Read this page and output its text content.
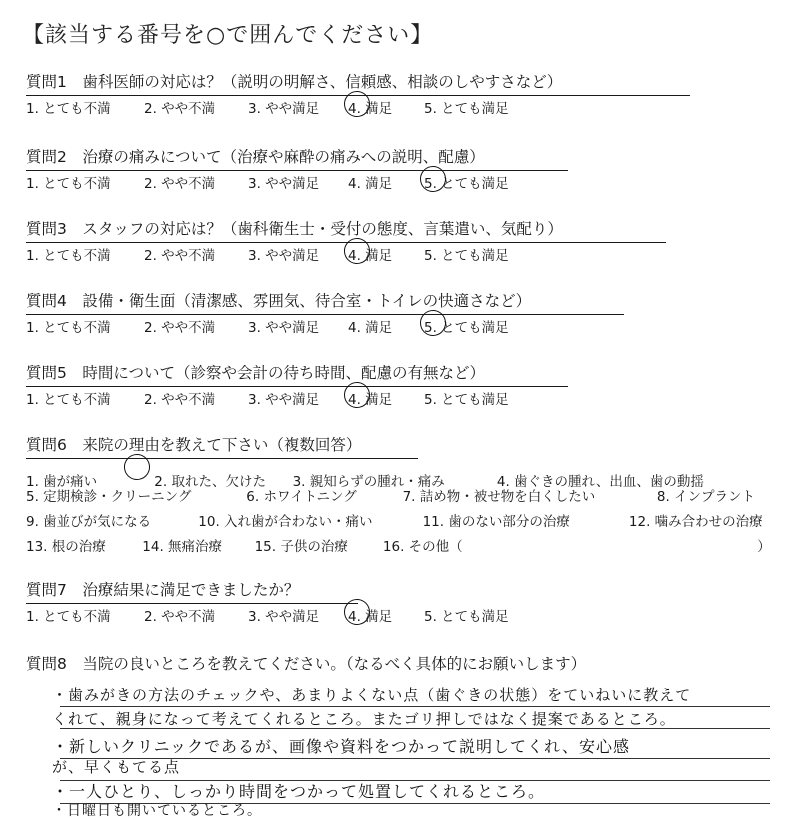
【該当する番号を○で囲んでください】
質問1　歯科医師の対応は？（説明の明解さ、信頼感、相談のしやすさなど）
1. とても不満	2. やや不満	3. やや満足	4. 満足	5. とても満足
質問2　治療の痛みについて（治療や麻酔の痛みへの説明、配慮）
1. とても不満	2. やや不満	3. やや満足	4. 満足	5. とても満足
質問3　スタッフの対応は？（歯科衛生士・受付の態度、言葉遣い、気配り）
1. とても不満	2. やや不満	3. やや満足	4. 満足	5. とても満足
質問4　設備・衛生面（清潔感、雰囲気、待合室・トイレの快適さなど）
1. とても不満	2. やや不満	3. やや満足	4. 満足	5. とても満足
質問5　時間について（診察や会計の待ち時間、配慮の有無など）
1. とても不満	2. やや不満	3. やや満足	4. 満足	5. とても満足
質問6　来院の理由を教えて下さい（複数回答）
1. 歯が痛い	2. 取れた、欠けた 3. 親知らずの腫れ・痛み	4. 歯ぐきの腫れ、出血、歯の動揺
5. 定期検診・クリーニング	6. ホワイトニング	7. 詰め物・被せ物を白くしたい	8. インプラント
9. 歯並びが気になる	10. 入れ歯が合わない・痛い	11. 歯のない部分の治療	12. 噛み合わせの治療
13. 根の治療	14. 無痛治療 15. 子供の治療	16. その他（	）
質問7　治療結果に満足できましたか？
1. とても不満	2. やや不満	3. やや満足	4. 満足	5. とても満足
質問8　当院の良いところを教えてください。（なるべく具体的にお願いします）
・歯みがきの方法のチェックや、あまりよくない点（歯ぐきの状態）をていねいに教えて
くれて、親身になって考えてくれるところ。またゴリ押しではなく提案であるところ。
・新しいクリニックであるが、画像や資料をつかって説明してくれ、安心感
が、早くもてる点
・一人ひとり、しっかり時間をつかって処置してくれるところ。
・日曜日も開いているところ。
